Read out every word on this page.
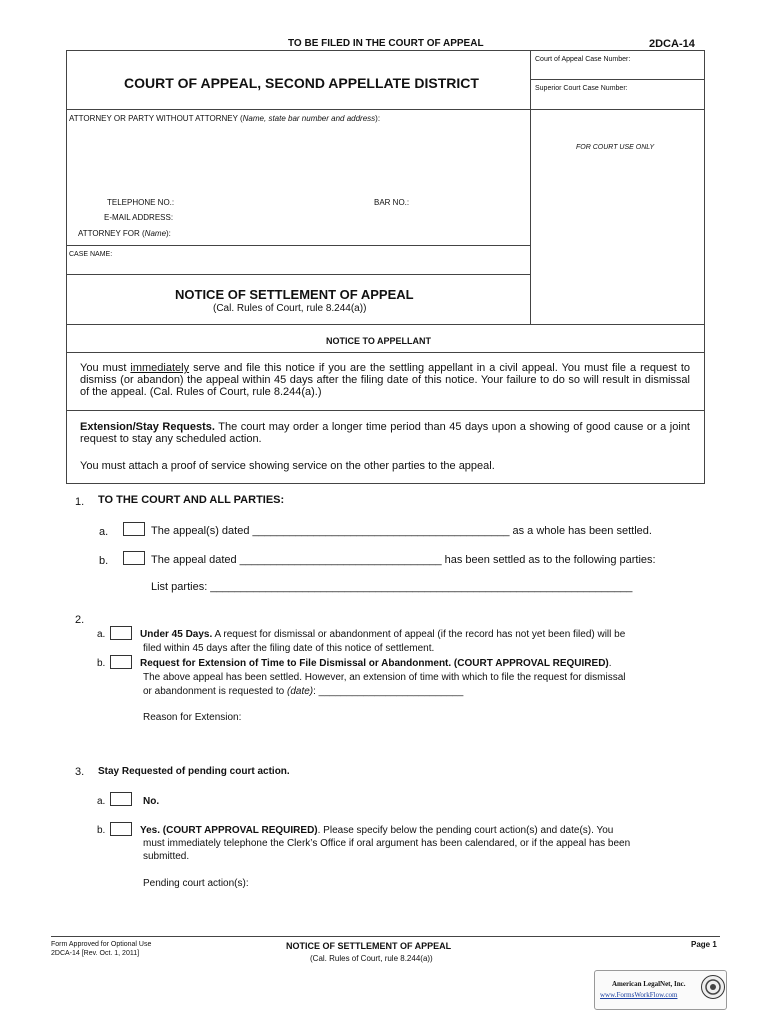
TO BE FILED IN THE COURT OF APPEAL	2DCA-14
Court of Appeal Case Number:
Superior Court Case Number:
COURT OF APPEAL, SECOND APPELLATE DISTRICT
ATTORNEY OR PARTY WITHOUT ATTORNEY (Name, state bar number and address):
FOR COURT USE ONLY
TELEPHONE NO.:	BAR NO.:
E-MAIL ADDRESS:
ATTORNEY FOR (Name):
CASE NAME:
NOTICE OF SETTLEMENT OF APPEAL
(Cal. Rules of Court, rule 8.244(a))
NOTICE TO APPELLANT
You must immediately serve and file this notice if you are the settling appellant in a civil appeal. You must file a request to dismiss (or abandon) the appeal within 45 days after the filing date of this notice. Your failure to do so will result in dismissal of the appeal. (Cal. Rules of Court, rule 8.244(a).)
Extension/Stay Requests. The court may order a longer time period than 45 days upon a showing of good cause or a joint request to stay any scheduled action.
You must attach a proof of service showing service on the other parties to the appeal.
1. TO THE COURT AND ALL PARTIES:
a.	The appeal(s) dated __________________________________________ as a whole has been settled.
b.	The appeal dated _________________________________ has been settled as to the following parties:
List parties: _____________________________________________________________________
2.
a.	Under 45 Days. A request for dismissal or abandonment of appeal (if the record has not yet been filed) will be
filed within 45 days after the filing date of this notice of settlement.
b.	Request for Extension of Time to File Dismissal or Abandonment. (COURT APPROVAL REQUIRED).
The above appeal has been settled. However, an extension of time with which to file the request for dismissal
or abandonment is requested to (date): __________________________
Reason for Extension:
3. Stay Requested of pending court action.
a.	No.
b.	Yes. (COURT APPROVAL REQUIRED). Please specify below the pending court action(s) and date(s). You
must immediately telephone the Clerk’s Office if oral argument has been calendared, or if the appeal has been
submitted.
Pending court action(s):
Form Approved for Optional Use
2DCA-14 [Rev. Oct. 1, 2011]
NOTICE OF SETTLEMENT OF APPEAL
(Cal. Rules of Court, rule 8.244(a))
Page 1
American LegalNet, Inc.
www.FormsWorkFlow.com
